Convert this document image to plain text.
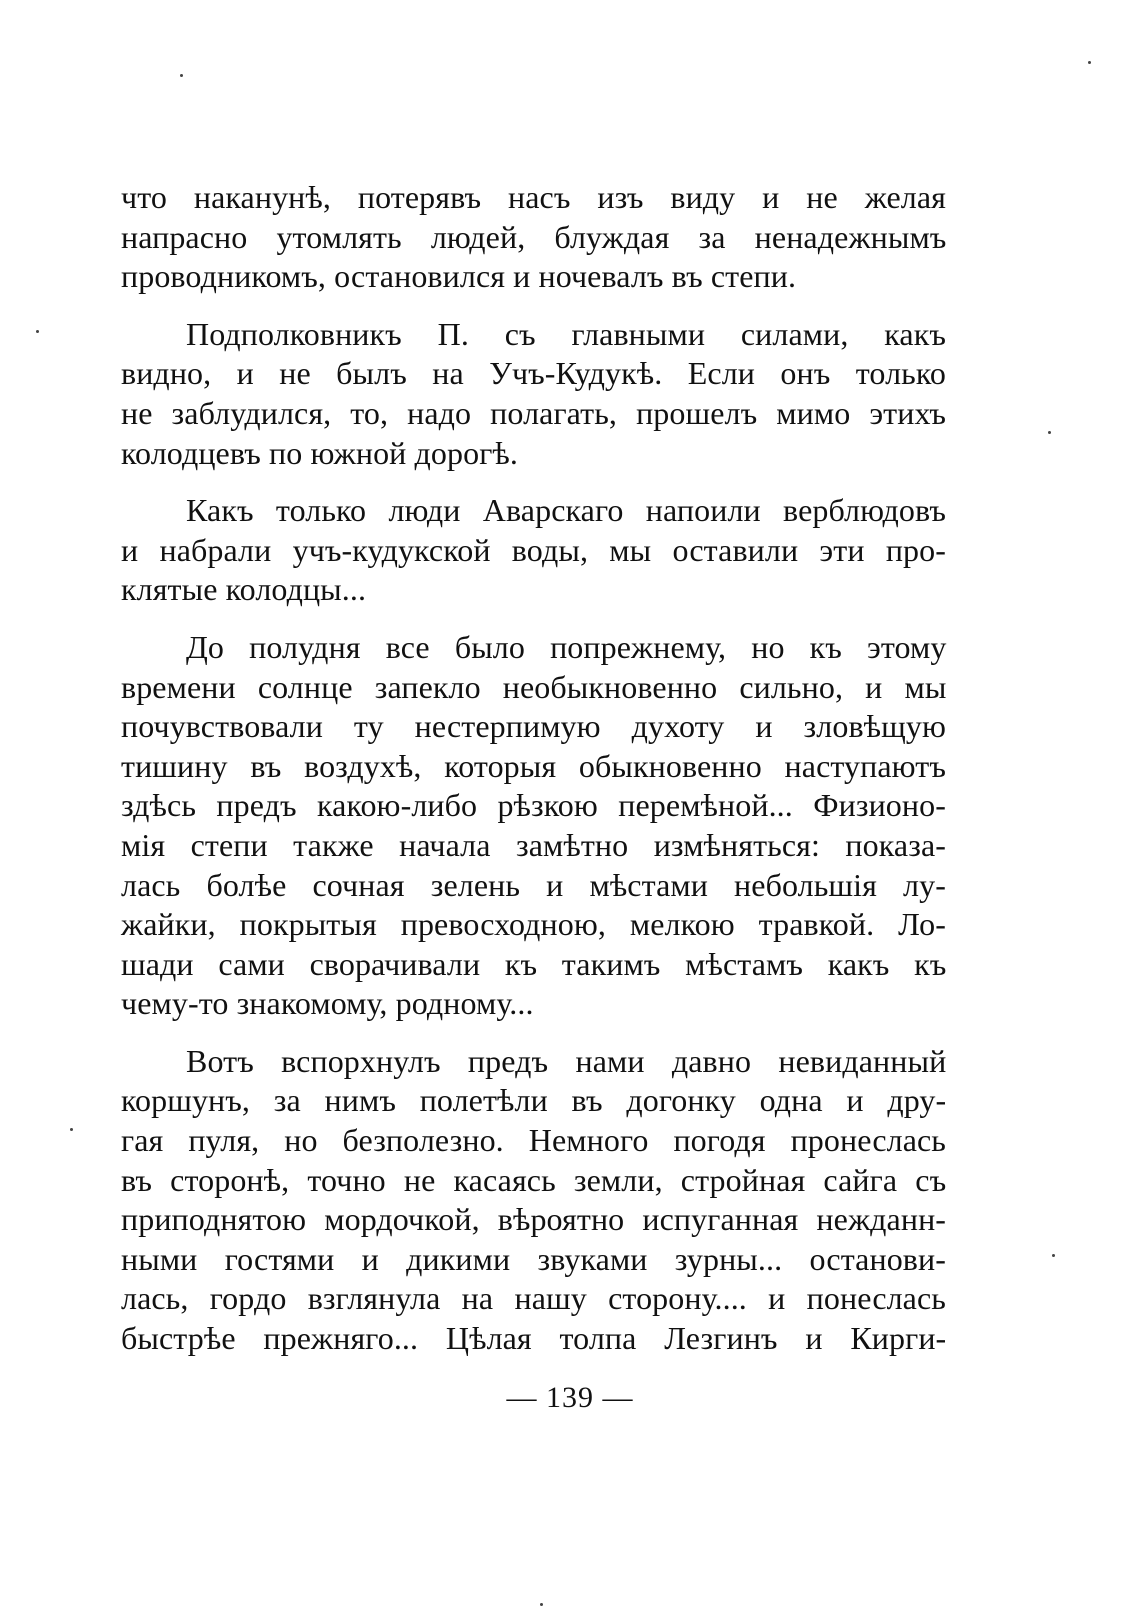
что наканунѣ, потерявъ насъ изъ виду и не желая
напрасно утомлять людей, блуждая за ненадежнымъ
проводникомъ, остановился и ночевалъ въ степи.
Подполковникъ П. съ главными силами, какъ
видно, и не былъ на Учъ-Кудукѣ. Если онъ только
не заблудился, то, надо полагать, прошелъ мимо этихъ
колодцевъ по южной дорогѣ.
Какъ только люди Аварскаго напоили верблюдовъ
и набрали учъ-кудукской воды, мы оставили эти про-
клятые колодцы...
До полудня все было попрежнему, но къ этому
времени солнце запекло необыкновенно сильно, и мы
почувствовали ту нестерпимую духоту и зловѣщую
тишину въ воздухѣ, которыя обыкновенно наступаютъ
здѣсь предъ какою-либо рѣзкою перемѣной... Физионо-
мія степи также начала замѣтно измѣняться: показа-
лась болѣе сочная зелень и мѣстами небольшія лу-
жайки, покрытыя превосходною, мелкою травкой. Ло-
шади сами сворачивали къ такимъ мѣстамъ какъ къ
чему-то знакомому, родному...
Вотъ вспорхнулъ предъ нами давно невиданный
коршунъ, за нимъ полетѣли въ догонку одна и дру-
гая пуля, но безполезно. Немного погодя пронеслась
въ сторонѣ, точно не касаясь земли, стройная сайга съ
приподнятою мордочкой, вѣроятно испуганная нежданн-
ными гостями и дикими звуками зурны... останови-
лась, гордо взглянула на нашу сторону.... и понеслась
быстрѣе прежняго... Цѣлая толпа Лезгинъ и Кирги-
— 139 —
